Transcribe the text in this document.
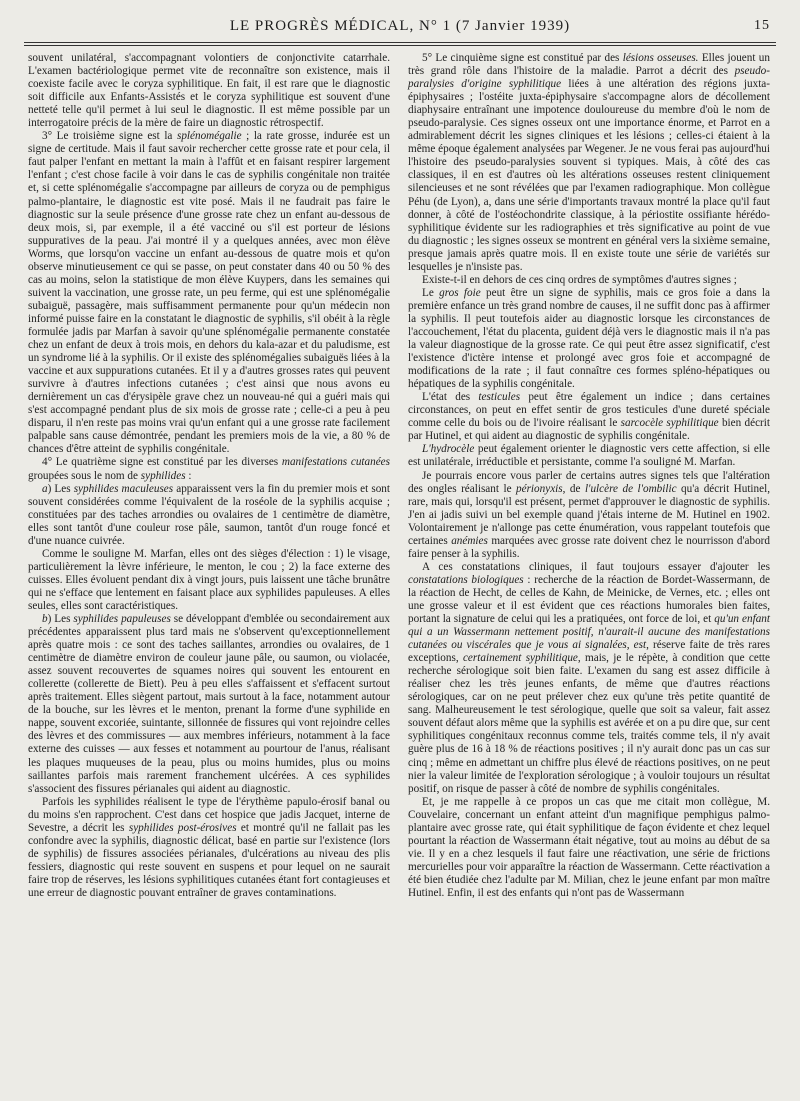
LE PROGRÈS MÉDICAL, N° 1 (7 Janvier 1939)	15

souvent unilatéral, s'accompagnant volontiers de conjonctivite catarrhale. L'examen bactériologique permet vite de reconnaître son existence, mais il coexiste facile avec le coryza syphilitique. En fait, il est rare que le diagnostic soit difficile aux Enfants-Assistés et le coryza syphilitique est souvent d'une netteté telle qu'il permet à lui seul le diagnostic. Il est même possible par un interrogatoire précis de la mère de faire un diagnostic rétrospectif.

3° Le troisième signe est la splénomégalie ; la rate grosse, indurée est un signe de certitude. Mais il faut savoir rechercher cette grosse rate et pour cela, il faut palper l'enfant en mettant la main à l'affût et en faisant respirer largement l'enfant ; c'est chose facile à voir dans le cas de syphilis congénitale non traitée et, si cette splénomégalie s'accompagne par ailleurs de coryza ou de pemphigus palmo-plantaire, le diagnostic est vite posé. Mais il ne faudrait pas faire le diagnostic sur la seule présence d'une grosse rate chez un enfant au-dessous de deux mois, si, par exemple, il a été vacciné ou s'il est porteur de lésions suppuratives de la peau. J'ai montré il y a quelques années, avec mon élève Worms, que lorsqu'on vaccine un enfant au-dessous de quatre mois et qu'on observe minutieusement ce qui se passe, on peut constater dans 40 ou 50 % des cas au moins, selon la statistique de mon élève Kuypers, dans les semaines qui suivent la vaccination, une grosse rate, un peu ferme, qui est une splénomégalie subaiguë, passagère, mais suffisamment permanente pour qu'un médecin non informé puisse faire en la constatant le diagnostic de syphilis, s'il obéit à la règle formulée jadis par Marfan à savoir qu'une splénomégalie permanente constatée chez un enfant de deux à trois mois, en dehors du kala-azar et du paludisme, est un syndrome lié à la syphilis. Or il existe des splénomégalies subaiguës liées à la vaccine et aux suppurations cutanées. Et il y a d'autres grosses rates qui peuvent survivre à d'autres infections cutanées ; c'est ainsi que nous avons eu dernièrement un cas d'érysipèle grave chez un nouveau-né qui a guéri mais qui s'est accompagné pendant plus de six mois de grosse rate ; celle-ci a peu à peu disparu, il n'en reste pas moins vrai qu'un enfant qui a une grosse rate facilement palpable sans cause démontrée, pendant les premiers mois de la vie, a 80 % de chances d'être atteint de syphilis congénitale.

4° Le quatrième signe est constitué par les diverses manifestations cutanées groupées sous le nom de syphilides :

a) Les syphilides maculeuses apparaissent vers la fin du premier mois et sont souvent considérées comme l'équivalent de la roséole de la syphilis acquise ; constituées par des taches arrondies ou ovalaires de 1 centimètre de diamètre, elles sont tantôt d'une couleur rose pâle, saumon, tantôt d'un rouge foncé et d'une nuance cuivrée.

Comme le souligne M. Marfan, elles ont des sièges d'élection : 1) le visage, particulièrement la lèvre inférieure, le menton, le cou ; 2) la face externe des cuisses. Elles évoluent pendant dix à vingt jours, puis laissent une tâche brunâtre qui ne s'efface que lentement en faisant place aux syphilides papuleuses. A elles seules, elles sont caractéristiques.

b) Les syphilides papuleuses se développant d'emblée ou secondairement aux précédentes apparaissent plus tard mais ne s'observent qu'exceptionnellement après quatre mois : ce sont des taches saillantes, arrondies ou ovalaires, de 1 centimètre de diamètre environ de couleur jaune pâle, ou saumon, ou violacée, assez souvent recouvertes de squames noires qui souvent les entourent en collerette (collerette de Biett). Peu à peu elles s'affaissent et s'effacent surtout après traitement. Elles siègent partout, mais surtout à la face, notamment autour de la bouche, sur les lèvres et le menton, prenant la forme d'une syphilide en nappe, souvent excoriée, suintante, sillonnée de fissures qui vont rejoindre celles des lèvres et des commissures — aux membres inférieurs, notamment à la face externe des cuisses — aux fesses et notamment au pourtour de l'anus, réalisant les plaques muqueuses de la peau, plus ou moins humides, plus ou moins saillantes parfois mais rarement franchement ulcérées. A ces syphilides s'associent des fissures périanales qui aident au diagnostic.

Parfois les syphilides réalisent le type de l'érythème papulo-érosif banal ou du moins s'en rapprochent. C'est dans cet hospice que jadis Jacquet, interne de Sevestre, a décrit les syphilides post-érosives et montré qu'il ne fallait pas les confondre avec la syphilis, diagnostic délicat, basé en partie sur l'existence (lors de syphilis) de fissures associées périanales, d'ulcérations au niveau des plis fessiers, diagnostic qui reste souvent en suspens et pour lequel on ne saurait faire trop de réserves, les lésions syphilitiques cutanées étant fort contagieuses et une erreur de diagnostic pouvant entraîner de graves contaminations.

5° Le cinquième signe est constitué par des lésions osseuses. Elles jouent un très grand rôle dans l'histoire de la maladie. Parrot a décrit des pseudo-paralysies d'origine syphilitique liées à une altération des régions juxta-épiphysaires ; l'ostéite juxta-épiphysaire s'accompagne alors de décollement diaphysaire entraînant une impotence douloureuse du membre d'où le nom de pseudo-paralysie. Ces signes osseux ont une importance énorme, et Parrot en a admirablement décrit les signes cliniques et les lésions ; celles-ci étaient à la même époque également analysées par Wegener. Je ne vous ferai pas aujourd'hui l'histoire des pseudo-paralysies souvent si typiques. Mais, à côté des cas classiques, il en est d'autres où les altérations osseuses restent cliniquement silencieuses et ne sont révélées que par l'examen radiographique. Mon collègue Péhu (de Lyon), a, dans une série d'importants travaux montré la place qu'il faut donner, à côté de l'ostéochondrite classique, à la périostite ossifiante hérédo-syphilitique évidente sur les radiographies et très significative au point de vue du diagnostic ; les signes osseux se montrent en général vers la sixième semaine, presque jamais après quatre mois. Il en existe toute une série de variétés sur lesquelles je n'insiste pas.

Existe-t-il en dehors de ces cinq ordres de symptômes d'autres signes ;

Le gros foie peut être un signe de syphilis, mais ce gros foie a dans la première enfance un très grand nombre de causes, il ne suffit donc pas à affirmer la syphilis. Il peut toutefois aider au diagnostic lorsque les circonstances de l'accouchement, l'état du placenta, guident déjà vers le diagnostic mais il n'a pas la valeur diagnostique de la grosse rate. Ce qui peut être assez significatif, c'est l'existence d'ictère intense et prolongé avec gros foie et accompagné de modifications de la rate ; il faut connaître ces formes spléno-hépatiques ou hépatiques de la syphilis congénitale.

L'état des testicules peut être également un indice ; dans certaines circonstances, on peut en effet sentir de gros testicules d'une dureté spéciale comme celle du bois ou de l'ivoire réalisant le sarcocèle syphilitique bien décrit par Hutinel, et qui aident au diagnostic de syphilis congénitale.

L'hydrocèle peut également orienter le diagnostic vers cette affection, si elle est unilatérale, irréductible et persistante, comme l'a souligné M. Marfan.

Je pourrais encore vous parler de certains autres signes tels que l'altération des ongles réalisant le périonyxis, de l'ulcère de l'ombilic qu'a décrit Hutinel, rare, mais qui, lorsqu'il est présent, permet d'approuver le diagnostic de syphilis. J'en ai jadis suivi un bel exemple quand j'étais interne de M. Hutinel en 1902. Volontairement je n'allonge pas cette énumération, vous rappelant toutefois que certaines anémies marquées avec grosse rate doivent chez le nourrisson d'abord faire penser à la syphilis.

A ces constatations cliniques, il faut toujours essayer d'ajouter les constatations biologiques : recherche de la réaction de Bordet-Wassermann, de la réaction de Hecht, de celles de Kahn, de Meinicke, de Vernes, etc. ; elles ont une grosse valeur et il est évident que ces réactions humorales bien faites, portant la signature de celui qui les a pratiquées, ont force de loi, et qu'un enfant qui a un Wassermann nettement positif, n'aurait-il aucune des manifestations cutanées ou viscérales que je vous ai signalées, est, réserve faite de très rares exceptions, certainement syphilitique, mais, je le répète, à condition que cette recherche sérologique soit bien faite. L'examen du sang est assez difficile à réaliser chez les très jeunes enfants, de même que d'autres réactions sérologiques, car on ne peut prélever chez eux qu'une très petite quantité de sang. Malheureusement le test sérologique, quelle que soit sa valeur, fait assez souvent défaut alors même que la syphilis est avérée et on a pu dire que, sur cent syphilitiques congénitaux reconnus comme tels, traités comme tels, il n'y avait guère plus de 16 à 18 % de réactions positives ; il n'y aurait donc pas un cas sur cinq ; même en admettant un chiffre plus élevé de réactions positives, on ne peut nier la valeur limitée de l'exploration sérologique ; à vouloir toujours un résultat positif, on risque de passer à côté de nombre de syphilis congénitales.

Et, je me rappelle à ce propos un cas que me citait mon collègue, M. Couvelaire, concernant un enfant atteint d'un magnifique pemphigus palmo-plantaire avec grosse rate, qui était syphilitique de façon évidente et chez lequel pourtant la réaction de Wassermann était négative, tout au moins au début de sa vie. Il y en a chez lesquels il faut faire une réactivation, une série de frictions mercurielles pour voir apparaître la réaction de Wassermann. Cette réactivation a été bien étudiée chez l'adulte par M. Milian, chez le jeune enfant par mon maître Hutinel. Enfin, il est des enfants qui n'ont pas de Wassermann
